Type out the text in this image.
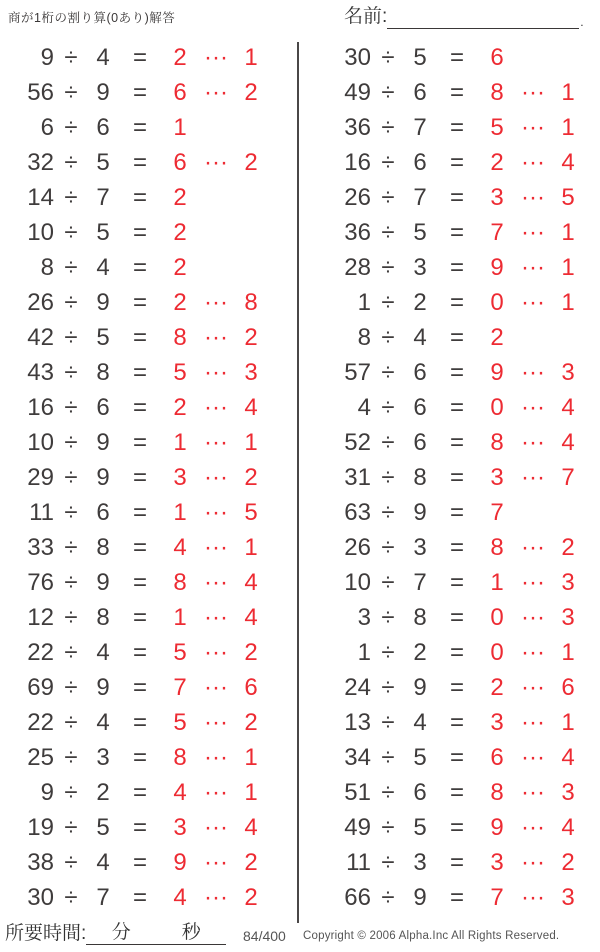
商が1桁の割り算(0あり)解答	名前:	.
9 ÷ 4 =	2 ··· 1
56 ÷ 9 =	6 ··· 2
6 ÷ 6 =	1
32 ÷ 5 =	6 ··· 2
14 ÷ 7 =	2
10 ÷ 5 =	2
8 ÷ 4 =	2
26 ÷ 9 =	2 ··· 8
42 ÷ 5 =	8 ··· 2
43 ÷ 8 =	5 ··· 3
16 ÷ 6 =	2 ··· 4
10 ÷ 9 =	1 ··· 1
29 ÷ 9 =	3 ··· 2
11 ÷ 6 =	1 ··· 5
33 ÷ 8 =	4 ··· 1
76 ÷ 9 =	8 ··· 4
12 ÷ 8 =	1 ··· 4
22 ÷ 4 =	5 ··· 2
69 ÷ 9 =	7 ··· 6
22 ÷ 4 =	5 ··· 2
25 ÷ 3 =	8 ··· 1
9 ÷ 2 =	4 ··· 1
19 ÷ 5 =	3 ··· 4
38 ÷ 4 =	9 ··· 2
30 ÷ 7 =	4 ··· 2
30 ÷ 5 =	6
49 ÷ 6 =	8 ··· 1
36 ÷ 7 =	5 ··· 1
16 ÷ 6 =	2 ··· 4
26 ÷ 7 =	3 ··· 5
36 ÷ 5 =	7 ··· 1
28 ÷ 3 =	9 ··· 1
1 ÷ 2 =	0 ··· 1
8 ÷ 4 =	2
57 ÷ 6 =	9 ··· 3
4 ÷ 6 =	0 ··· 4
52 ÷ 6 =	8 ··· 4
31 ÷ 8 =	3 ··· 7
63 ÷ 9 =	7
26 ÷ 3 =	8 ··· 2
10 ÷ 7 =	1 ··· 3
3 ÷ 8 =	0 ··· 3
1 ÷ 2 =	0 ··· 1
24 ÷ 9 =	2 ··· 6
13 ÷ 4 =	3 ··· 1
34 ÷ 5 =	6 ··· 4
51 ÷ 6 =	8 ··· 3
49 ÷ 5 =	9 ··· 4
11 ÷ 3 =	3 ··· 2
66 ÷ 9 =	7 ··· 3
所要時間: 分	秒	84/400 Copyright © 2006 Alpha.Inc All Rights Reserved.
